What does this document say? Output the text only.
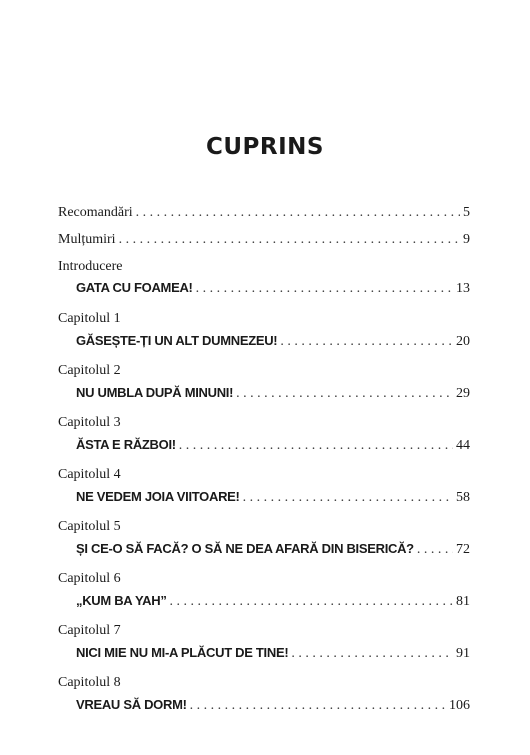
CUPRINS
Recomandări . . .	5
Mulțumiri . . .	9
Introducere
GATA CU FOAMEA! . . .	13
Capitolul 1
GĂSEȘTE-ȚI UN ALT DUMNEZEU! . . .	20
Capitolul 2
NU UMBLA DUPĂ MINUNI! . . .	29
Capitolul 3
ĂSTA E RĂZBOI! . . .	44
Capitolul 4
NE VEDEM JOIA VIITOARE! . . .	58
Capitolul 5
ȘI CE-O SĂ FACĂ? O SĂ NE DEA AFARĂ DIN BISERICĂ? . . .	72
Capitolul 6
„KUM BA YAH” . . .	81
Capitolul 7
NICI MIE NU MI-A PLĂCUT DE TINE! . . .	91
Capitolul 8
VREAU SĂ DORM! . . .	106
